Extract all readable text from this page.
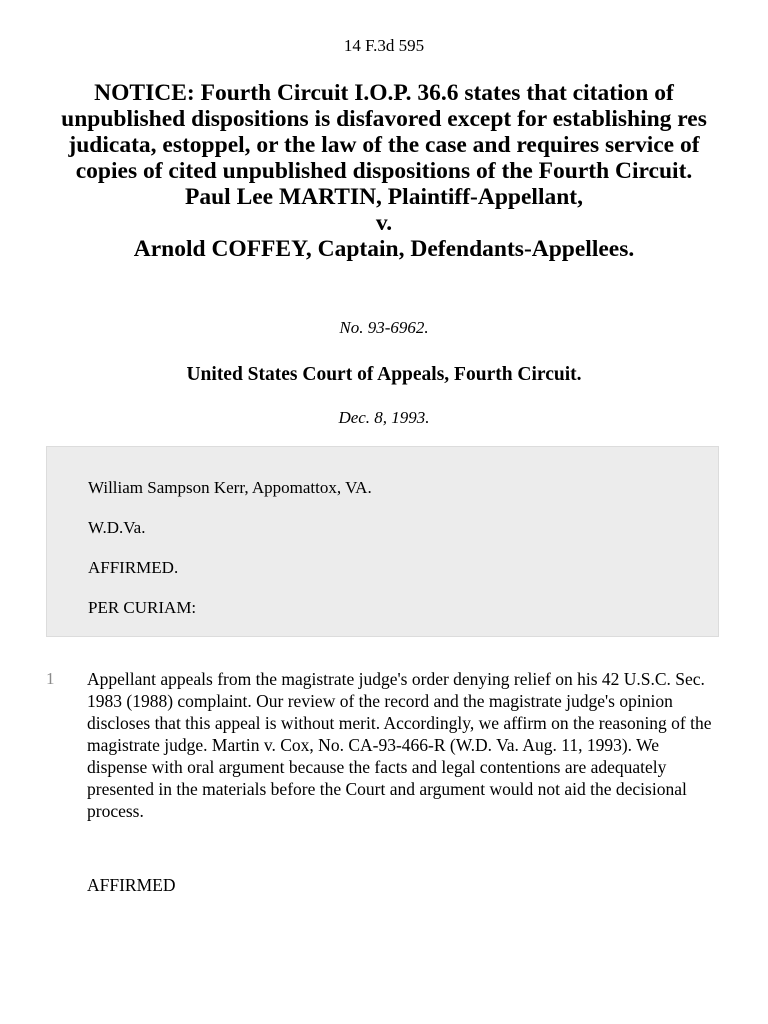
14 F.3d 595
NOTICE: Fourth Circuit I.O.P. 36.6 states that citation of unpublished dispositions is disfavored except for establishing res judicata, estoppel, or the law of the case and requires service of copies of cited unpublished dispositions of the Fourth Circuit.
Paul Lee MARTIN, Plaintiff-Appellant,
v.
Arnold COFFEY, Captain, Defendants-Appellees.
No. 93-6962.
United States Court of Appeals, Fourth Circuit.
Dec. 8, 1993.
William Sampson Kerr, Appomattox, VA.
W.D.Va.
AFFIRMED.
PER CURIAM:
1 Appellant appeals from the magistrate judge's order denying relief on his 42 U.S.C. Sec. 1983 (1988) complaint. Our review of the record and the magistrate judge's opinion discloses that this appeal is without merit. Accordingly, we affirm on the reasoning of the magistrate judge. Martin v. Cox, No. CA-93-466-R (W.D. Va. Aug. 11, 1993). We dispense with oral argument because the facts and legal contentions are adequately presented in the materials before the Court and argument would not aid the decisional process.
AFFIRMED
